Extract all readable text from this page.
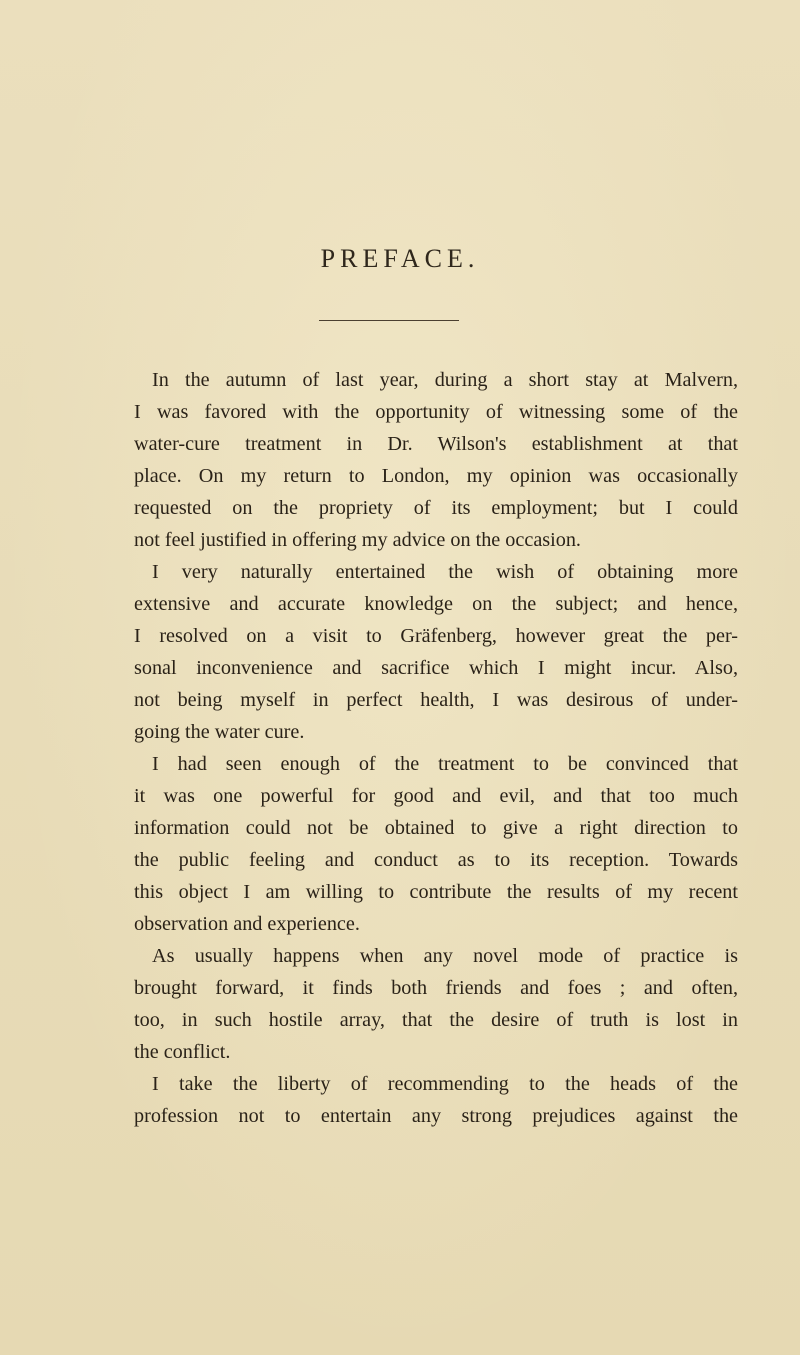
PREFACE.
In the autumn of last year, during a short stay at Malvern,
I was favored with the opportunity of witnessing some of the
water-cure treatment in Dr. Wilson's establishment at that
place. On my return to London, my opinion was occasionally
requested on the propriety of its employment; but I could
not feel justified in offering my advice on the occasion.
I very naturally entertained the wish of obtaining more
extensive and accurate knowledge on the subject; and hence,
I resolved on a visit to Gräfenberg, however great the per-
sonal inconvenience and sacrifice which I might incur. Also,
not being myself in perfect health, I was desirous of under-
going the water cure.
I had seen enough of the treatment to be convinced that
it was one powerful for good and evil, and that too much
information could not be obtained to give a right direction to
the public feeling and conduct as to its reception. Towards
this object I am willing to contribute the results of my recent
observation and experience.
As usually happens when any novel mode of practice is
brought forward, it finds both friends and foes ; and often,
too, in such hostile array, that the desire of truth is lost in
the conflict.
I take the liberty of recommending to the heads of the
profession not to entertain any strong prejudices against the
